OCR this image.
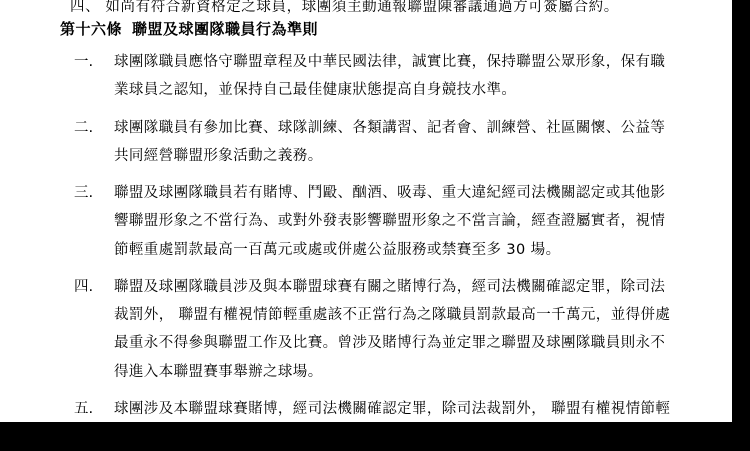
四、 如尚有符合新資格定之球員，球團須主動通報聯盟陳審議通過方可簽屬合約。
第十六條 聯盟及球團隊職員行為準則
一.	球團隊職員應恪守聯盟章程及中華民國法律，誠實比賽，保持聯盟公眾形象，保有職
業球員之認知，並保持自己最佳健康狀態提高自身競技水準。
二.	球團隊職員有參加比賽、球隊訓練、各類講習、記者會、訓練營、社區關懷、公益等
共同經營聯盟形象活動之義務。
三.	聯盟及球團隊職員若有賭博、鬥毆、酗酒、吸毒、重大違紀經司法機關認定或其他影
響聯盟形象之不當行為、或對外發表影響聯盟形象之不當言論，經查證屬實者，視情
節輕重處罰款最高一百萬元或處或併處公益服務或禁賽至多 30 場。
四.	聯盟及球團隊職員涉及與本聯盟球賽有關之賭博行為，經司法機關確認定罪，除司法
裁罰外， 聯盟有權視情節輕重處該不正當行為之隊職員罰款最高一千萬元，並得併處
最重永不得參與聯盟工作及比賽。曾涉及賭博行為並定罪之聯盟及球團隊職員則永不
得進入本聯盟賽事舉辦之球場。
五.	球團涉及本聯盟球賽賭博，經司法機關確認定罪，除司法裁罰外， 聯盟有權視情節輕
重處球團罰款最高五千萬元， 並得併處取消聯盟會籍資格。
